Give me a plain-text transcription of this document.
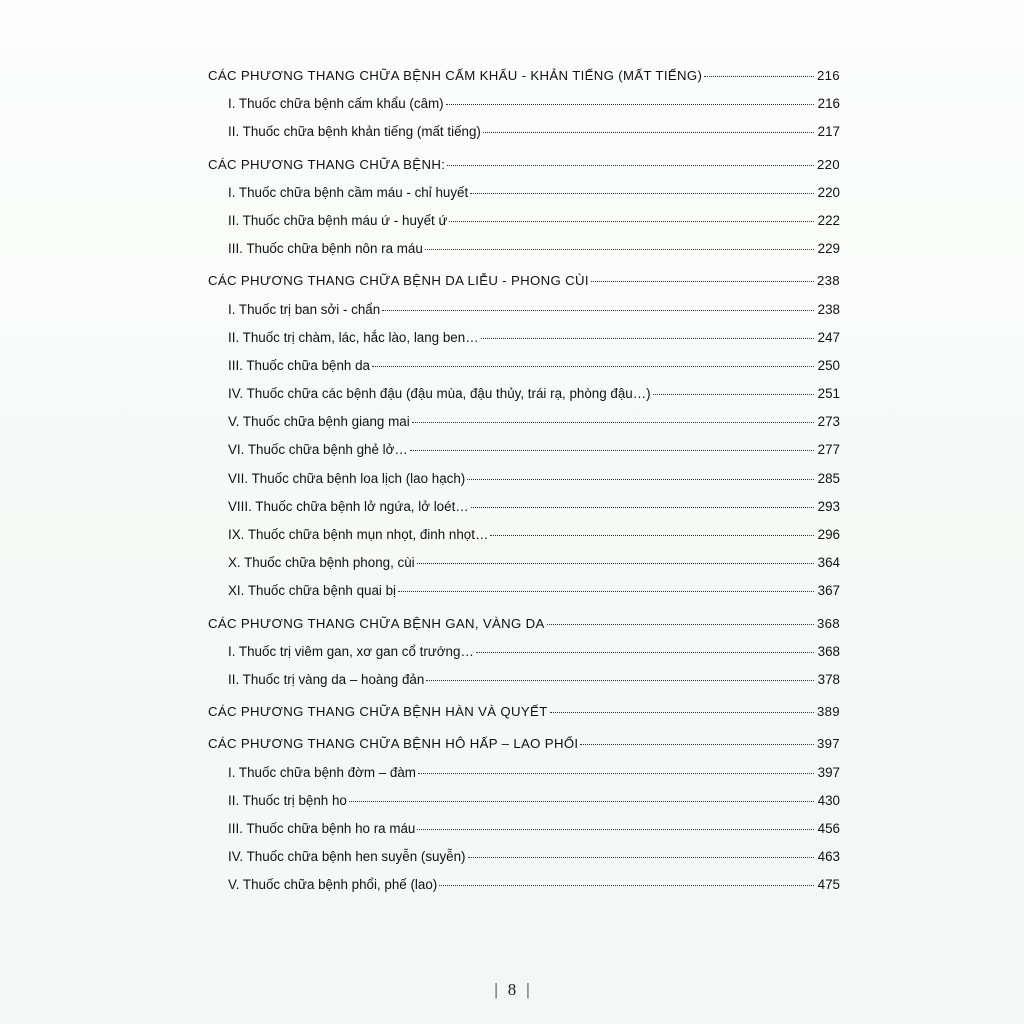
CÁC PHƯƠNG THANG CHỮA BỆNH CẤM KHẨU - KHẢN TIẾNG (MẤT TIẾNG)	216
I. Thuốc chữa bệnh cấm khẩu (câm)	216
II. Thuốc chữa bệnh khản tiếng (mất tiếng)	217
CÁC PHƯƠNG THANG CHỮA BỆNH:	220
I. Thuốc chữa bệnh cầm máu - chỉ huyết	220
II. Thuốc chữa bệnh máu ứ - huyết ứ	222
III. Thuốc chữa bệnh nôn ra máu	229
CÁC PHƯƠNG THANG CHỮA BỆNH DA LIỄU - PHONG CÙI	238
I. Thuốc trị ban sởi - chẩn	238
II. Thuốc trị chàm, lác, hắc lào, lang ben…	247
III. Thuốc chữa bệnh da	250
IV. Thuốc chữa các bệnh đậu (đậu mùa, đậu thủy, trái rạ, phòng đậu…)	251
V. Thuốc chữa bệnh giang mai	273
VI. Thuốc chữa bệnh ghẻ lở…	277
VII. Thuốc chữa bệnh loa lịch (lao hạch)	285
VIII. Thuốc chữa bệnh lở ngứa, lở loét…	293
IX. Thuốc chữa bệnh mụn nhọt, đinh nhọt…	296
X. Thuốc chữa bệnh phong, cùi	364
XI. Thuốc chữa bệnh quai bị	367
CÁC PHƯƠNG THANG CHỮA BỆNH GAN, VÀNG DA	368
I. Thuốc trị viêm gan, xơ gan cổ trướng…	368
II. Thuốc trị vàng da – hoàng đản	378
CÁC PHƯƠNG THANG CHỮA BỆNH HÀN VÀ QUYẾT	389
CÁC PHƯƠNG THANG CHỮA BỆNH HÔ HẤP – LAO PHỔI	397
I. Thuốc chữa bệnh đờm – đàm	397
II. Thuốc trị bệnh ho	430
III. Thuốc chữa bệnh ho ra máu	456
IV. Thuốc chữa bệnh hen suyễn (suyễn)	463
V. Thuốc chữa bệnh phổi, phế (lao)	475
| 8 |
